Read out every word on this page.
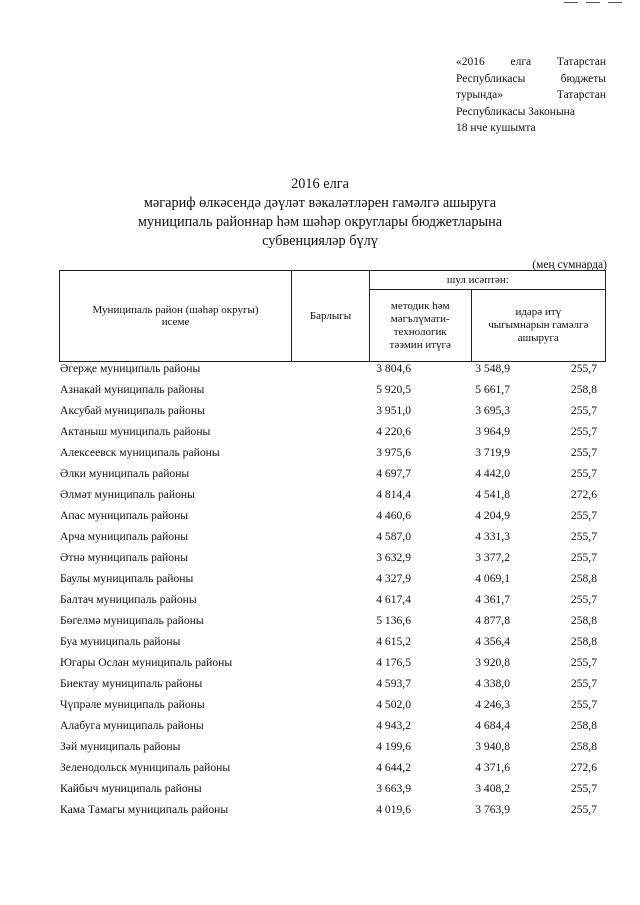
«2016 елга Татарстан
Республикасы	бюджеты
турында»	Татарстан
Республикасы Законына
18 нче кушымта
2016 елга
мәгариф өлкәсендә дәүләт вәкаләтләрен гамәлгә ашыруга
муниципаль районнар һәм шәһәр округлары бюджетларына
субвенцияләр бүлү
(мең сумнарда)
Муниципаль район (шәһәр округы) исеме	Барлыгы	шул исәптән:	
		методик һәм мәгълүмати-технологик тәэмин итүгә	идарә итү чыгымнарын гамәлгә ашыруга
Әгерҗе муниципаль районы	3 804,6	3 548,9	255,7
Азнакай муниципаль районы	5 920,5	5 661,7	258,8
Аксубай муниципаль районы	3 951,0	3 695,3	255,7
Актаныш муниципаль районы	4 220,6	3 964,9	255,7
Алексеевск муниципаль районы	3 975,6	3 719,9	255,7
Әлки муниципаль районы	4 697,7	4 442,0	255,7
Әлмәт муниципаль районы	4 814,4	4 541,8	272,6
Апас муниципаль районы	4 460,6	4 204,9	255,7
Арча муниципаль районы	4 587,0	4 331,3	255,7
Әтнә муниципаль районы	3 632,9	3 377,2	255,7
Баулы муниципаль районы	4 327,9	4 069,1	258,8
Балтач муниципаль районы	4 617,4	4 361,7	255,7
Бөгелмә муниципаль районы	5 136,6	4 877,8	258,8
Буа муниципаль районы	4 615,2	4 356,4	258,8
Югары Ослан муниципаль районы	4 176,5	3 920,8	255,7
Биектау муниципаль районы	4 593,7	4 338,0	255,7
Чүпрәле муниципаль районы	4 502,0	4 246,3	255,7
Алабуга муниципаль районы	4 943,2	4 684,4	258,8
Зәй муниципаль районы	4 199,6	3 940,8	258,8
Зеленодольск муниципаль районы	4 644,2	4 371,6	272,6
Кайбыч муниципаль районы	3 663,9	3 408,2	255,7
Кама Тамагы муниципаль районы	4 019,6	3 763,9	255,7
